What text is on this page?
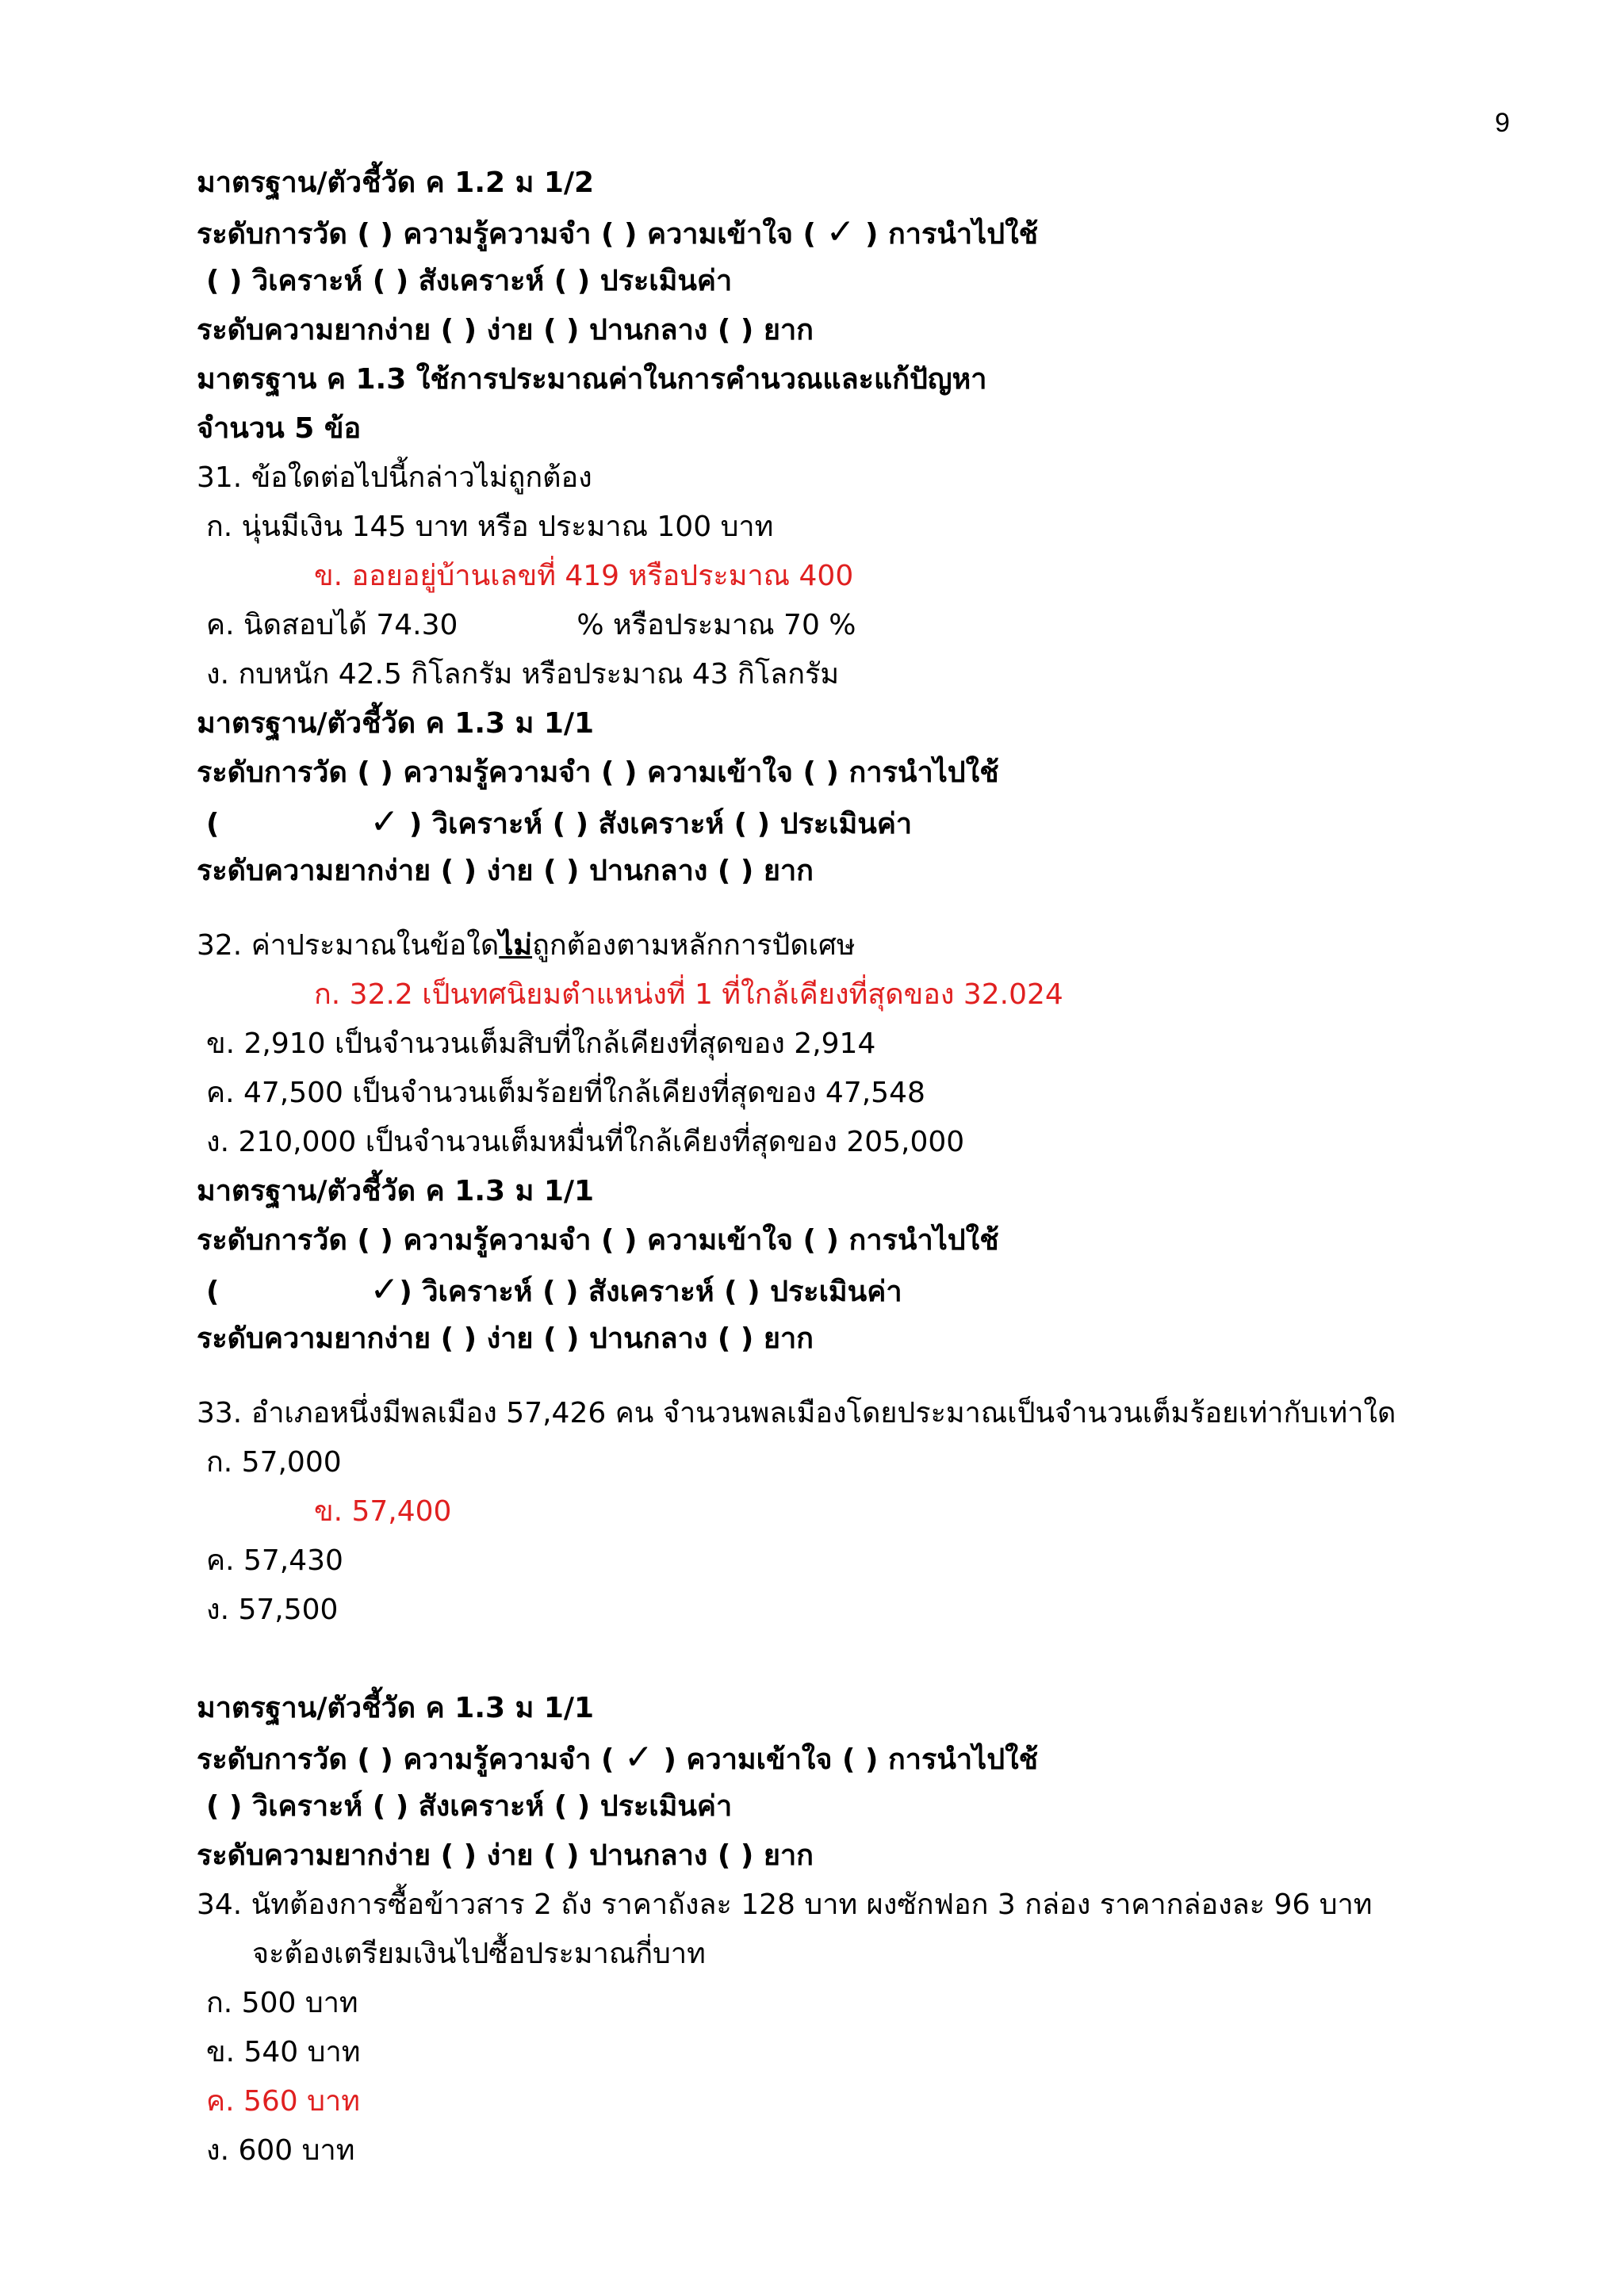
9
มาตรฐาน/ตัวชี้วัด ค 1.2 ม 1/2
ระดับการวัด ( ) ความรู้ความจำ ( ) ความเข้าใจ ( ✓ ) การนำไปใช้
( ) วิเคราะห์ ( ) สังเคราะห์ ( ) ประเมินค่า
ระดับความยากง่าย ( ) ง่าย ( ) ปานกลาง ( ) ยาก
มาตรฐาน ค 1.3 ใช้การประมาณค่าในการคำนวณและแก้ปัญหา
จำนวน 5 ข้อ
31. ข้อใดต่อไปนี้กล่าวไม่ถูกต้อง
ก. นุ่นมีเงิน 145 บาท หรือ ประมาณ 100 บาท
ข. ออยอยู่บ้านเลขที่ 419 หรือประมาณ 400
ค. นิดสอบได้ 74.30	% หรือประมาณ 70 %
ง. กบหนัก 42.5 กิโลกรัม หรือประมาณ 43 กิโลกรัม
มาตรฐาน/ตัวชี้วัด ค 1.3 ม 1/1
ระดับการวัด ( ) ความรู้ความจำ ( ) ความเข้าใจ ( ) การนำไปใช้
(	✓ ) วิเคราะห์ ( ) สังเคราะห์ ( ) ประเมินค่า
ระดับความยากง่าย ( ) ง่าย ( ) ปานกลาง ( ) ยาก
32. ค่าประมาณในข้อใดไม่ถูกต้องตามหลักการปัดเศษ
ก. 32.2 เป็นทศนิยมตำแหน่งที่ 1 ที่ใกล้เคียงที่สุดของ 32.024
ข. 2,910 เป็นจำนวนเต็มสิบที่ใกล้เคียงที่สุดของ 2,914
ค. 47,500 เป็นจำนวนเต็มร้อยที่ใกล้เคียงที่สุดของ 47,548
ง. 210,000 เป็นจำนวนเต็มหมื่นที่ใกล้เคียงที่สุดของ 205,000
มาตรฐาน/ตัวชี้วัด ค 1.3 ม 1/1
ระดับการวัด ( ) ความรู้ความจำ ( ) ความเข้าใจ ( ) การนำไปใช้
(	✓) วิเคราะห์ ( ) สังเคราะห์ ( ) ประเมินค่า
ระดับความยากง่าย ( ) ง่าย ( ) ปานกลาง ( ) ยาก
33. อำเภอหนึ่งมีพลเมือง 57,426 คน จำนวนพลเมืองโดยประมาณเป็นจำนวนเต็มร้อยเท่ากับเท่าใด
ก. 57,000
ข. 57,400
ค. 57,430
ง. 57,500
มาตรฐาน/ตัวชี้วัด ค 1.3 ม 1/1
ระดับการวัด ( ) ความรู้ความจำ ( ✓ ) ความเข้าใจ ( ) การนำไปใช้
( ) วิเคราะห์ ( ) สังเคราะห์ ( ) ประเมินค่า
ระดับความยากง่าย ( ) ง่าย ( ) ปานกลาง ( ) ยาก
34. นัทต้องการซื้อข้าวสาร 2 ถัง ราคาถังละ 128 บาท ผงซักฟอก 3 กล่อง ราคากล่องละ 96 บาท
จะต้องเตรียมเงินไปซื้อประมาณกี่บาท
ก. 500 บาท
ข. 540 บาท
ค. 560 บาท
ง. 600 บาท
